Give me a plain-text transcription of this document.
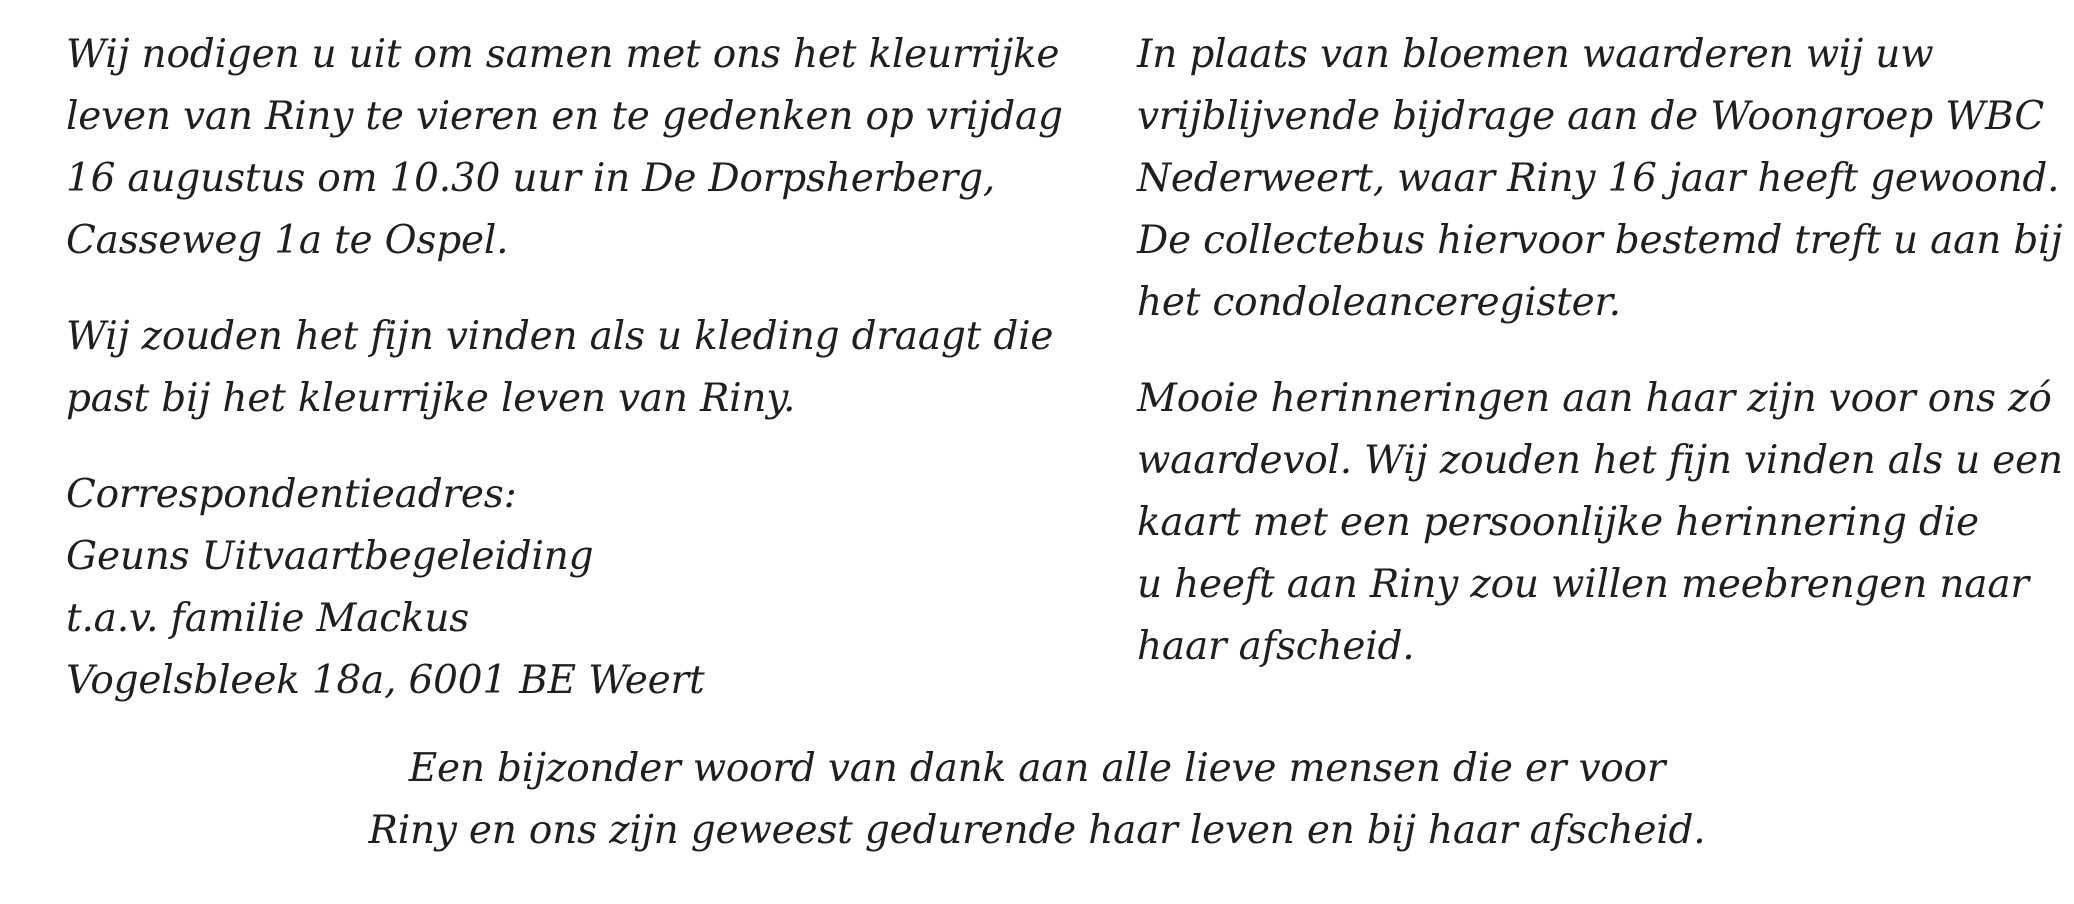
Wij nodigen u uit om samen met ons het kleurrijke
leven van Riny te vieren en te gedenken op vrijdag
16 augustus om 10.30 uur in De Dorpsherberg,
Casseweg 1a te Ospel.
Wij zouden het fijn vinden als u kleding draagt die
past bij het kleurrijke leven van Riny.
Correspondentieadres:
Geuns Uitvaartbegeleiding
t.a.v. familie Mackus
Vogelsbleek 18a, 6001 BE Weert
In plaats van bloemen waarderen wij uw
vrijblijvende bijdrage aan de Woongroep WBC
Nederweert, waar Riny 16 jaar heeft gewoond.
De collectebus hiervoor bestemd treft u aan bij
het condoleanceregister.
Mooie herinneringen aan haar zijn voor ons zó
waardevol. Wij zouden het fijn vinden als u een
kaart met een persoonlijke herinnering die
u heeft aan Riny zou willen meebrengen naar
haar afscheid.
Een bijzonder woord van dank aan alle lieve mensen die er voor
Riny en ons zijn geweest gedurende haar leven en bij haar afscheid.
